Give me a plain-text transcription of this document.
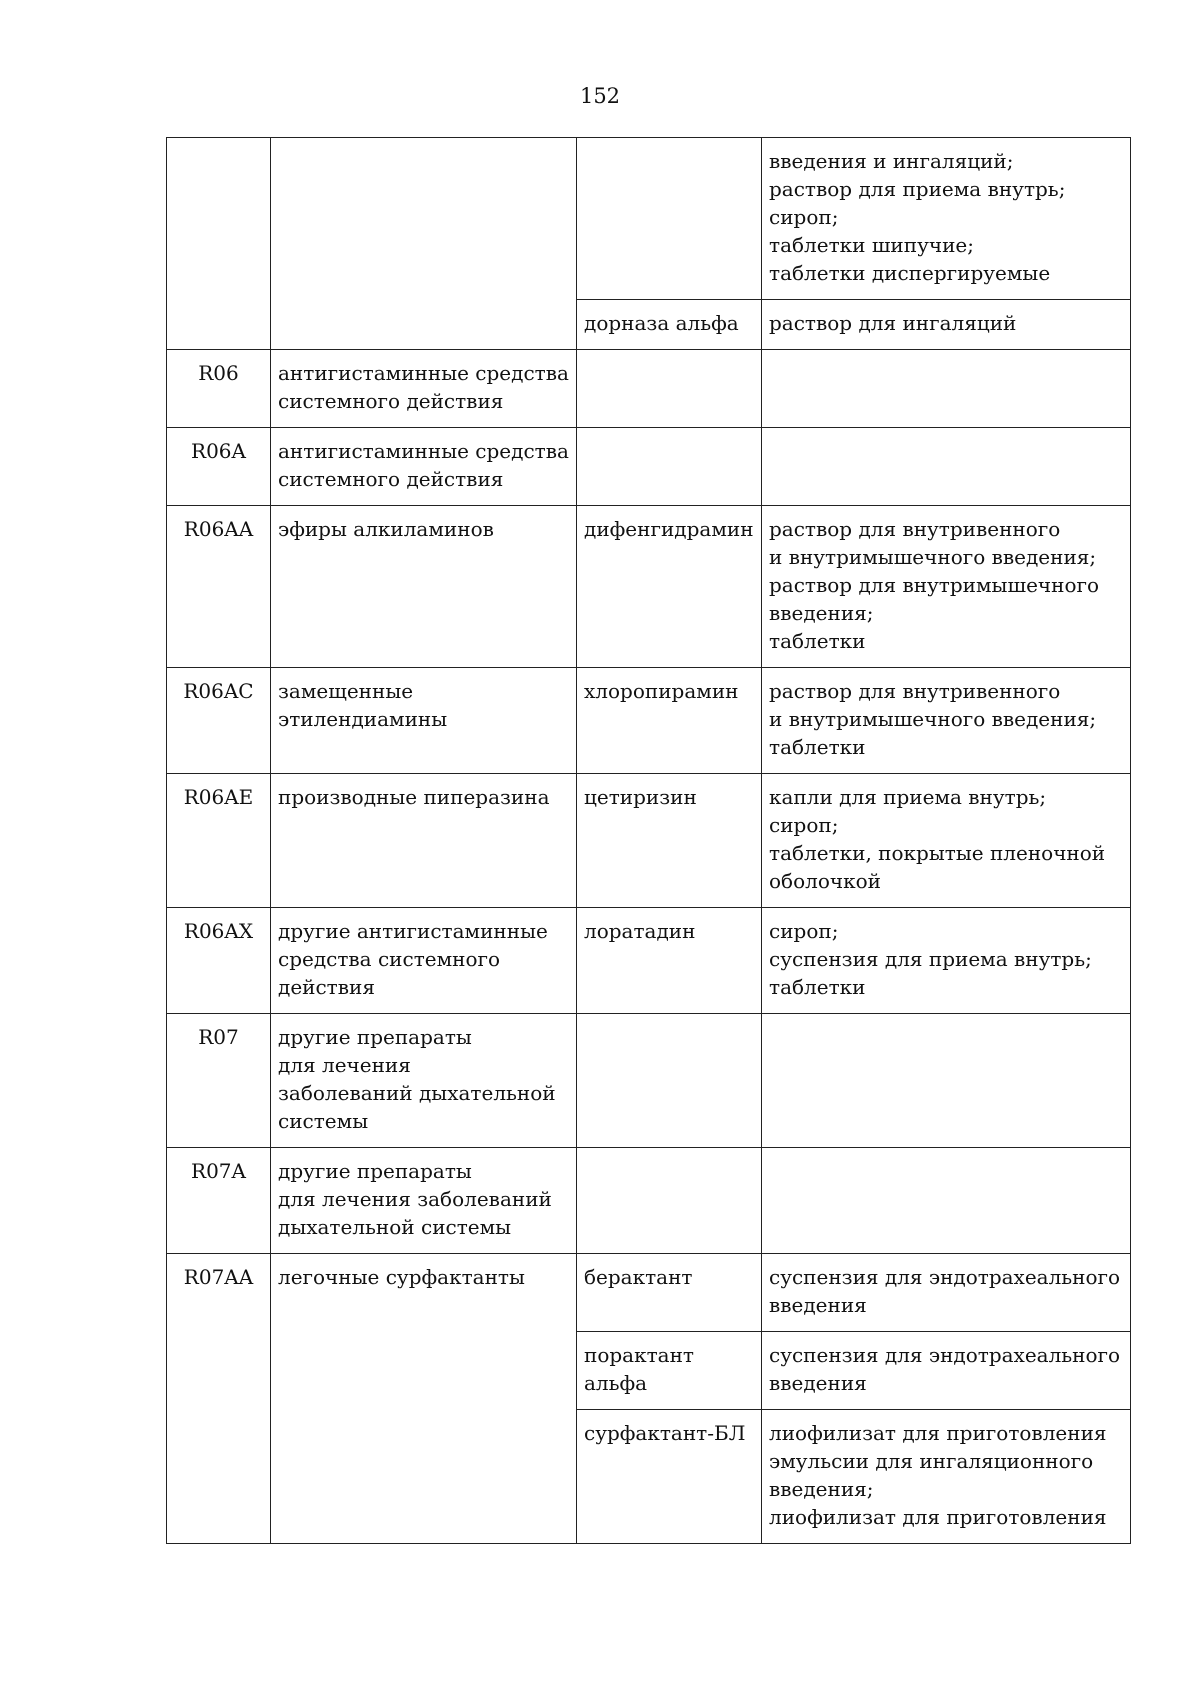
152

			введения и ингаляций;
раствор для приема внутрь;
сироп;
таблетки шипучие;
таблетки диспергируемые

		дорназа альфа	раствор для ингаляций

R06	антигистаминные средства
системного действия		

R06A	антигистаминные средства
системного действия		

R06AA	эфиры алкиламинов	дифенгидрамин	раствор для внутривенного
и внутримышечного введения;
раствор для внутримышечного
введения;
таблетки

R06AC	замещенные
этилендиамины	хлоропирамин	раствор для внутривенного
и внутримышечного введения;
таблетки

R06AE	производные пиперазина	цетиризин	капли для приема внутрь;
сироп;
таблетки, покрытые пленочной
оболочкой

R06AX	другие антигистаминные
средства системного
действия	лоратадин	сироп;
суспензия для приема внутрь;
таблетки

R07	другие препараты
для лечения
заболеваний дыхательной
системы		

R07A	другие препараты
для лечения заболеваний
дыхательной системы		

R07AA	легочные сурфактанты	берактант	суспензия для эндотрахеального
введения

		порактант
альфа	суспензия для эндотрахеального
введения

		сурфактант-БЛ	лиофилизат для приготовления
эмульсии для ингаляционного
введения;
лиофилизат для приготовления
